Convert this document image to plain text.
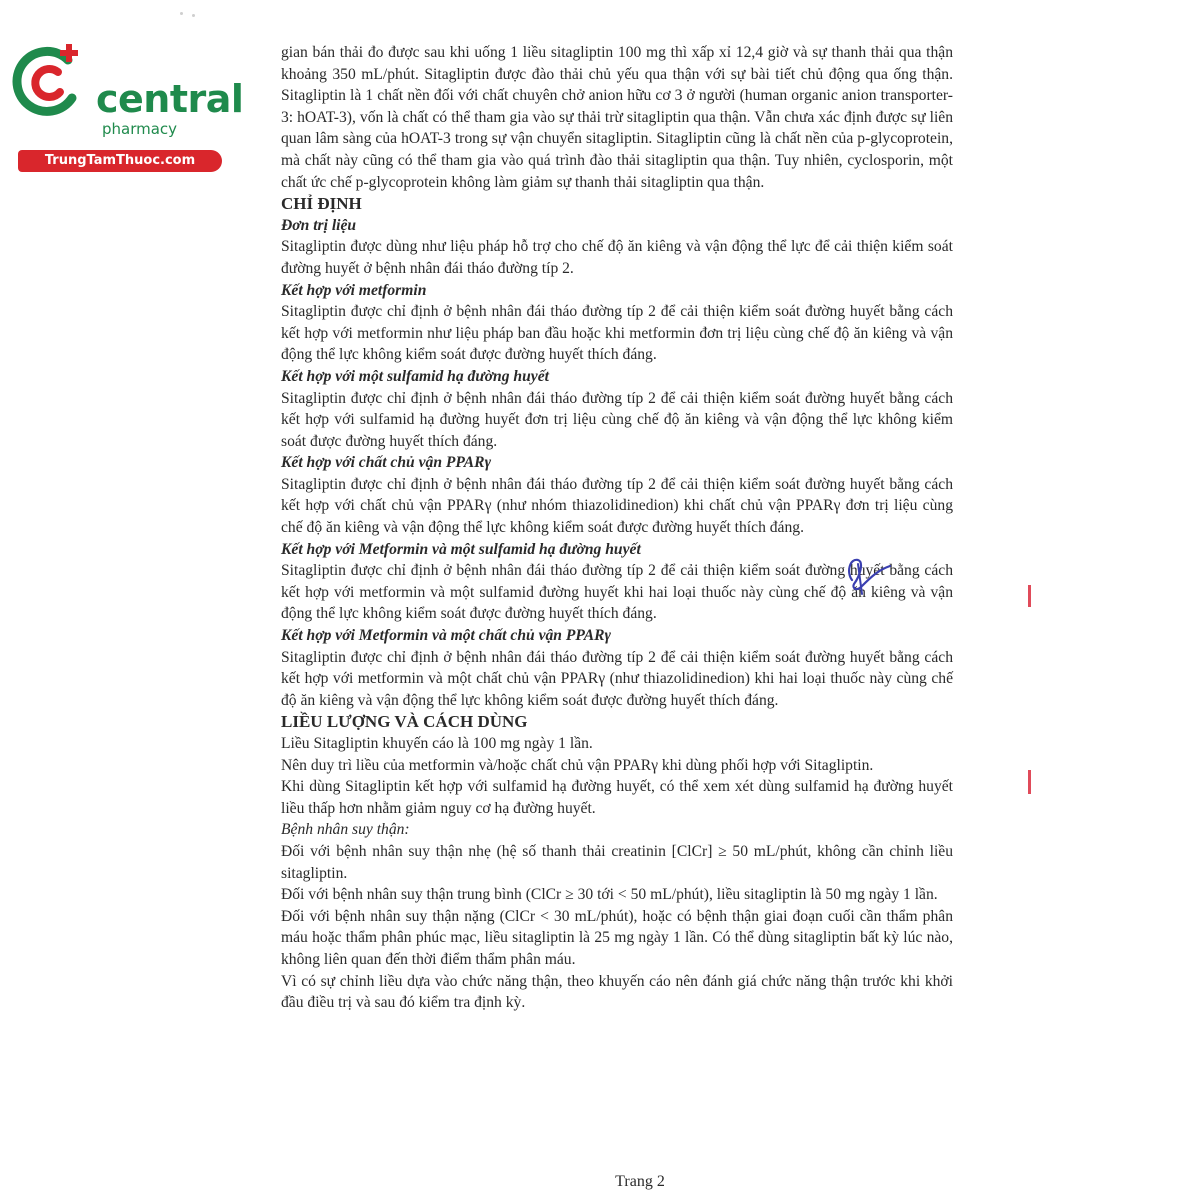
central
pharmacy
TrungTamThuoc.com

gian bán thải đo được sau khi uống 1 liều sitagliptin 100 mg thì xấp xỉ 12,4 giờ và sự thanh thải qua thận khoảng 350 mL/phút. Sitagliptin được đào thải chủ yếu qua thận với sự bài tiết chủ động qua ống thận. Sitagliptin là 1 chất nền đối với chất chuyên chở anion hữu cơ 3 ở người (human organic anion transporter-3: hOAT-3), vốn là chất có thể tham gia vào sự thải trừ sitagliptin qua thận. Vẫn chưa xác định được sự liên quan lâm sàng của hOAT-3 trong sự vận chuyển sitagliptin. Sitagliptin cũng là chất nền của p-glycoprotein, mà chất này cũng có thể tham gia vào quá trình đào thải sitagliptin qua thận. Tuy nhiên, cyclosporin, một chất ức chế p-glycoprotein không làm giảm sự thanh thải sitagliptin qua thận.

CHỈ ĐỊNH
Đơn trị liệu

Sitagliptin được dùng như liệu pháp hỗ trợ cho chế độ ăn kiêng và vận động thể lực để cải thiện kiểm soát đường huyết ở bệnh nhân đái tháo đường típ 2.

Kết hợp với metformin

Sitagliptin được chỉ định ở bệnh nhân đái tháo đường típ 2 để cải thiện kiểm soát đường huyết bằng cách kết hợp với metformin như liệu pháp ban đầu hoặc khi metformin đơn trị liệu cùng chế độ ăn kiêng và vận động thể lực không kiểm soát được đường huyết thích đáng.

Kết hợp với một sulfamid hạ đường huyết

Sitagliptin được chỉ định ở bệnh nhân đái tháo đường típ 2 để cải thiện kiểm soát đường huyết bằng cách kết hợp với sulfamid hạ đường huyết đơn trị liệu cùng chế độ ăn kiêng và vận động thể lực không kiểm soát được đường huyết thích đáng.

Kết hợp với chất chủ vận PPARγ

Sitagliptin được chỉ định ở bệnh nhân đái tháo đường típ 2 để cải thiện kiểm soát đường huyết bằng cách kết hợp với chất chủ vận PPARγ (như nhóm thiazolidinedion) khi chất chủ vận PPARγ đơn trị liệu cùng chế độ ăn kiêng và vận động thể lực không kiểm soát được đường huyết thích đáng.

Kết hợp với Metformin và một sulfamid hạ đường huyết

Sitagliptin được chỉ định ở bệnh nhân đái tháo đường típ 2 để cải thiện kiểm soát đường huyết bằng cách kết hợp với metformin và một sulfamid đường huyết khi hai loại thuốc này cùng chế độ ăn kiêng và vận động thể lực không kiểm soát được đường huyết thích đáng.

Kết hợp với Metformin và một chất chủ vận PPARγ

Sitagliptin được chỉ định ở bệnh nhân đái tháo đường típ 2 để cải thiện kiểm soát đường huyết bằng cách kết hợp với metformin và một chất chủ vận PPARγ (như thiazolidinedion) khi hai loại thuốc này cùng chế độ ăn kiêng và vận động thể lực không kiểm soát được đường huyết thích đáng.

LIỀU LƯỢNG VÀ CÁCH DÙNG

Liều Sitagliptin khuyến cáo là 100 mg ngày 1 lần.

Nên duy trì liều của metformin và/hoặc chất chủ vận PPARγ khi dùng phối hợp với Sitagliptin.

Khi dùng Sitagliptin kết hợp với sulfamid hạ đường huyết, có thể xem xét dùng sulfamid hạ đường huyết liều thấp hơn nhằm giảm nguy cơ hạ đường huyết.

Bệnh nhân suy thận:

Đối với bệnh nhân suy thận nhẹ (hệ số thanh thải creatinin [ClCr] ≥ 50 mL/phút, không cần chỉnh liều sitagliptin.

Đối với bệnh nhân suy thận trung bình (ClCr ≥ 30 tới < 50 mL/phút), liều sitagliptin là 50 mg ngày 1 lần.

Đối với bệnh nhân suy thận nặng (ClCr < 30 mL/phút), hoặc có bệnh thận giai đoạn cuối cần thẩm phân máu hoặc thẩm phân phúc mạc, liều sitagliptin là 25 mg ngày 1 lần. Có thể dùng sitagliptin bất kỳ lúc nào, không liên quan đến thời điểm thẩm phân máu.

Vì có sự chỉnh liều dựa vào chức năng thận, theo khuyến cáo nên đánh giá chức năng thận trước khi khởi đầu điều trị và sau đó kiểm tra định kỳ.

Trang 2
